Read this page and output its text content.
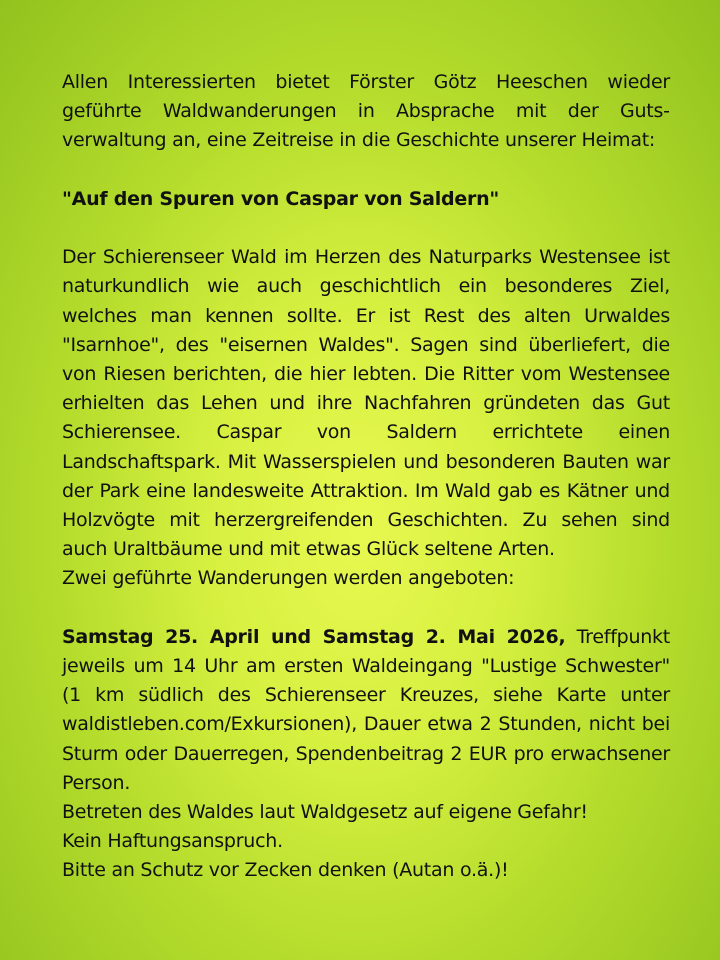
Allen Interessierten bietet Förster Götz Heeschen wieder geführte Waldwanderungen in Absprache mit der Gutsverwaltung an, eine Zeitreise in die Geschichte unserer Heimat:

"Auf den Spuren von Caspar von Saldern"

Der Schierenseer Wald im Herzen des Naturparks Westensee ist naturkundlich wie auch geschichtlich ein besonderes Ziel, welches man kennen sollte. Er ist Rest des alten Urwaldes "Isarnhoe", des "eisernen Waldes". Sagen sind überliefert, die von Riesen berichten, die hier lebten. Die Ritter vom Westensee erhielten das Lehen und ihre Nachfahren gründeten das Gut Schierensee. Caspar von Saldern errichtete einen Landschaftspark. Mit Wasserspielen und besonderen Bauten war der Park eine landesweite Attraktion. Im Wald gab es Kätner und Holzvögte mit herzergreifenden Geschichten. Zu sehen sind auch Uraltbäume und mit etwas Glück seltene Arten.

Zwei geführte Wanderungen werden angeboten:

Samstag 25. April und Samstag 2. Mai 2026, Treffpunkt jeweils um 14 Uhr am ersten Waldeingang "Lustige Schwester" (1 km südlich des Schierenseer Kreuzes, siehe Karte unter waldistleben.com/Exkursionen), Dauer etwa 2 Stunden, nicht bei Sturm oder Dauerregen, Spendenbeitrag 2 EUR pro erwachsener Person.

Betreten des Waldes laut Waldgesetz auf eigene Gefahr!

Kein Haftungsanspruch.

Bitte an Schutz vor Zecken denken (Autan o.ä.)!
